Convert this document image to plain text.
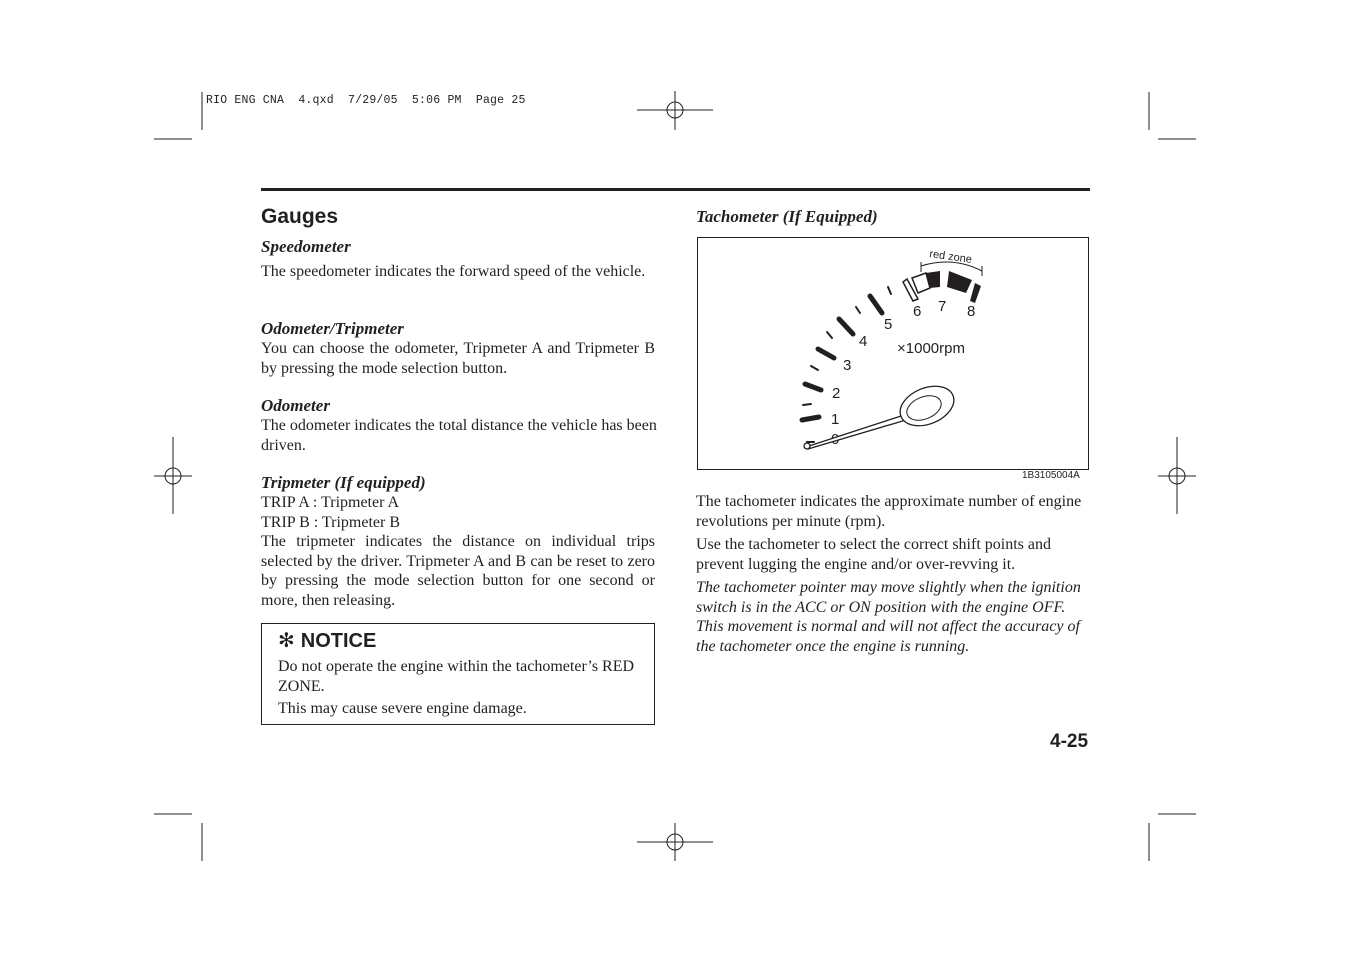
RIO ENG CNA  4.qxd  7/29/05  5:06 PM  Page 25
Gauges
Speedometer
The speedometer indicates the forward speed of the vehicle.
Odometer/Tripmeter
You can choose the odometer, Tripmeter A and Tripmeter B by pressing the mode selection button.
Odometer
The odometer indicates the total distance the vehicle has been driven.
Tripmeter (If equipped)
TRIP A : Tripmeter A
TRIP B : Tripmeter B
The tripmeter indicates the distance on individual trips selected by the driver. Tripmeter A and B can be reset to zero by pressing the mode selection button for one second or more, then releasing.
✻ NOTICE
Do not operate the engine within the tachometer’s RED ZONE.
This may cause severe engine damage.
Tachometer (If Equipped)
red zone
1
2
3
4
5
6 7 8
×1000rpm
1B3105004A
The tachometer indicates the approximate number of engine revolutions per minute (rpm).
Use the tachometer to select the correct shift points and prevent lugging the engine and/or over-revving it.
The tachometer pointer may move slightly when the ignition switch is in the ACC or ON position with the engine OFF. This movement is normal and will not affect the accuracy of the tachometer once the engine is running.
4-25
